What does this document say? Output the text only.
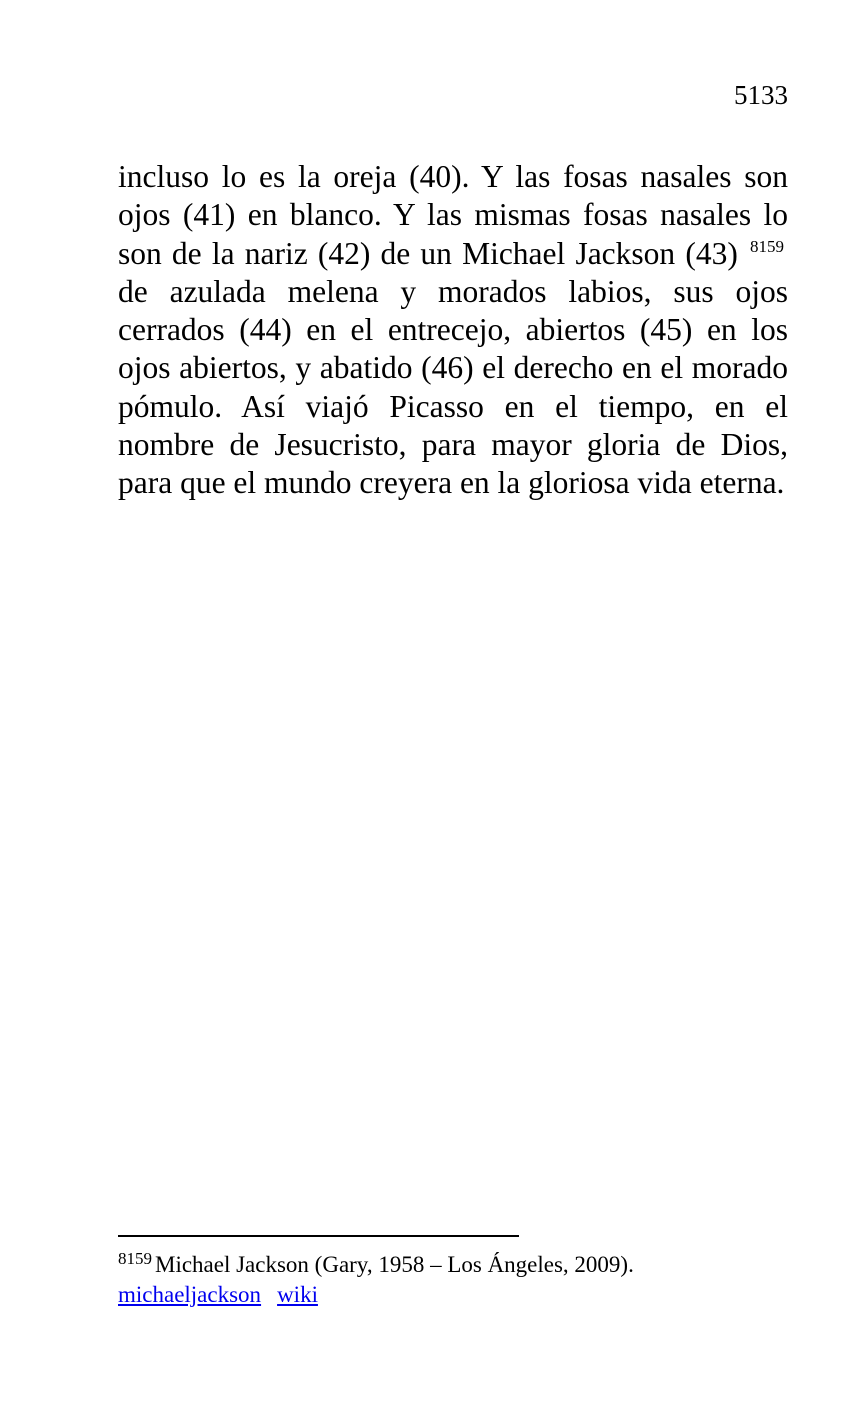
5133

incluso lo es la oreja (40). Y las fosas nasales son ojos (41) en blanco. Y las mismas fosas nasales lo son de la nariz (42) de un Michael Jackson (43) $^{8159}$ de azulada melena y morados labios, sus ojos cerrados (44) en el entrecejo, abiertos (45) en los ojos abiertos, y abatido (46) el derecho en el morado pómulo. Así viajó Picasso en el tiempo, en el nombre de Jesucristo, para mayor gloria de Dios, para que el mundo creyera en la gloriosa vida eterna.

$^{8159}$ Michael Jackson (Gary, 1958 – Los Ángeles, 2009).
michaeljackson wiki
